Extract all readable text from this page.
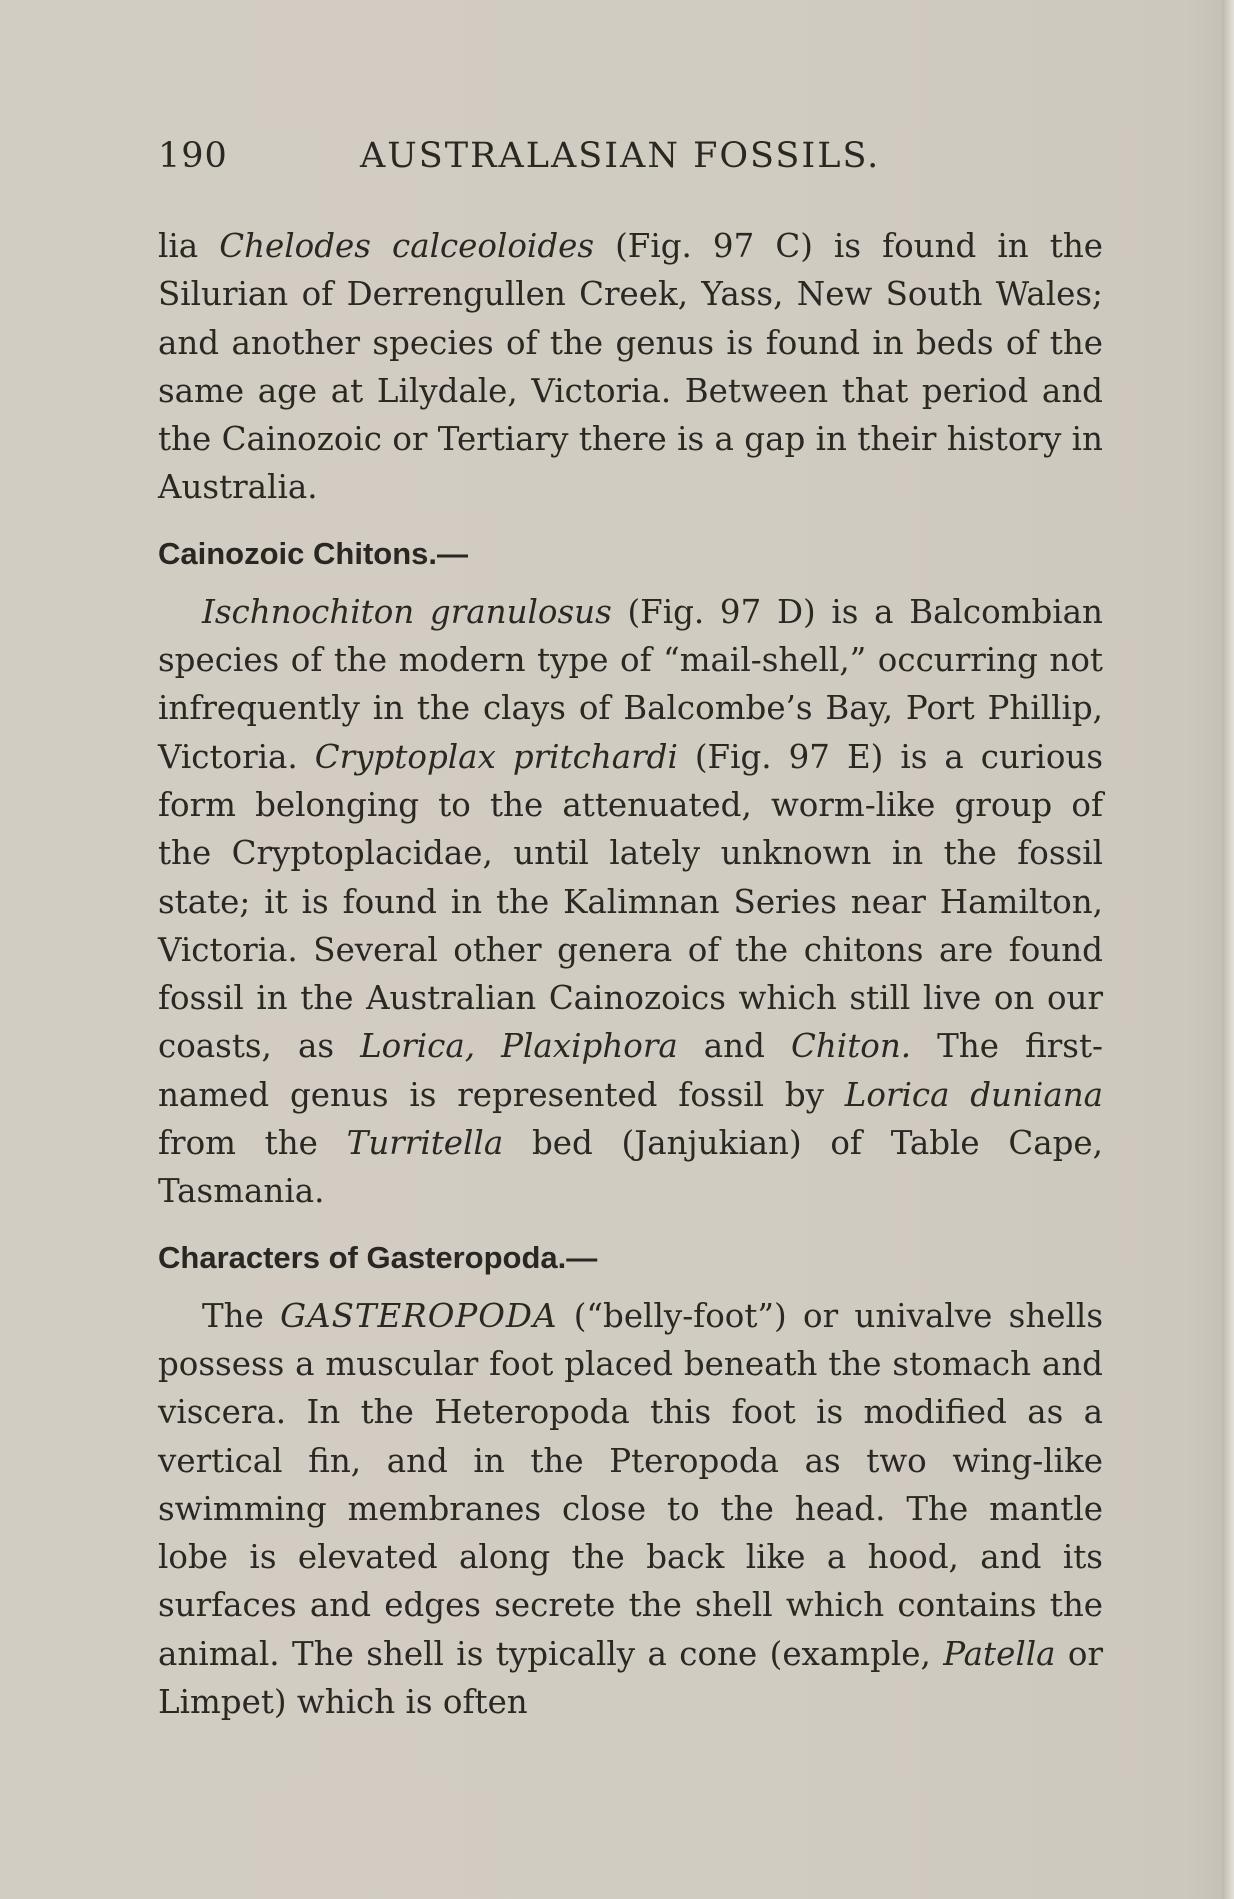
190	AUSTRALASIAN FOSSILS.

lia Chelodes calceoloides (Fig. 97 C) is found in the Silurian of Derrengullen Creek, Yass, New South Wales; and another species of the genus is found in beds of the same age at Lilydale, Victoria. Between that period and the Cainozoic or Tertiary there is a gap in their history in Australia.

Cainozoic Chitons.—

Ischnochiton granulosus (Fig. 97 D) is a Balcombian species of the modern type of “mail-shell,” occurring not infrequently in the clays of Balcombe’s Bay, Port Phillip, Victoria. Cryptoplax pritchardi (Fig. 97 E) is a curious form belonging to the attenuated, worm-like group of the Cryptoplacidae, until lately unknown in the fossil state; it is found in the Kalimnan Series near Hamilton, Victoria. Several other genera of the chitons are found fossil in the Australian Cainozoics which still live on our coasts, as Lorica, Plaxiphora and Chiton. The first-named genus is represented fossil by Lorica duniana from the Turritella bed (Janjukian) of Table Cape, Tasmania.

Characters of Gasteropoda.—

The GASTEROPODA (“belly-foot”) or univalve shells possess a muscular foot placed beneath the stomach and viscera. In the Heteropoda this foot is modified as a vertical fin, and in the Pteropoda as two wing-like swimming membranes close to the head. The mantle lobe is elevated along the back like a hood, and its surfaces and edges secrete the shell which contains the animal. The shell is typically a cone (example, Patella or Limpet) which is often
